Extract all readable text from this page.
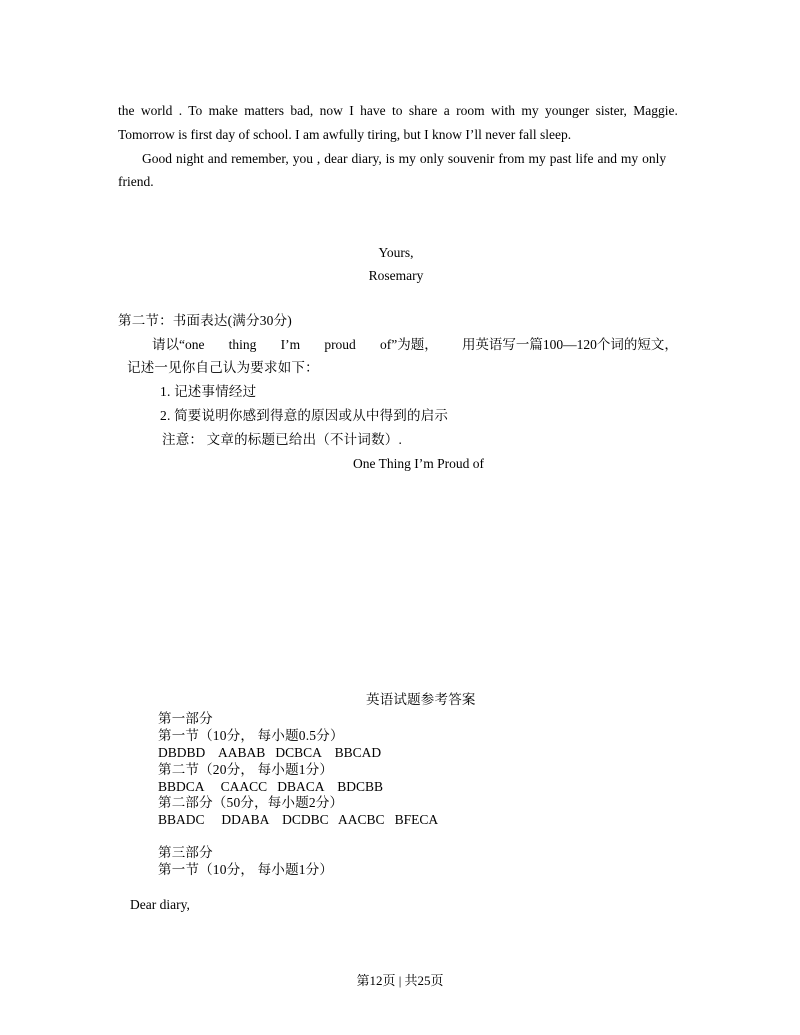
the world . To make matters bad, now I have to share a room with my younger sister, Maggie.
Tomorrow is first day of school. I am awfully tiring, but I know I’ll never fall sleep.
Good night and remember, you , dear diary, is my only souvenir from my past life and my only
friend.
Yours,
Rosemary
第二节：书面表达(满分30分)
请以“one thing I’m proud of”为题， 用英语写一篇100—120个词的短文，
记述一见你自己认为要求如下：
1. 记述事情经过
2. 简要说明你感到得意的原因或从中得到的启示
注意： 文章的标题已给出（不计词数）.
One Thing I’m Proud of
英语试题参考答案
第一部分
第一节（10分， 每小题0.5分）
DBDBD    AABAB   DCBCA    BBCAD
第二节（20分， 每小题1分）
BBDCA     CAACC   DBACA    BDCBB
第二部分（50分，每小题2分）
BBADC     DDABA    DCDBC   AACBC   BFECA
第三部分
第一节（10分， 每小题1分）
Dear diary,
第12页 | 共25页
